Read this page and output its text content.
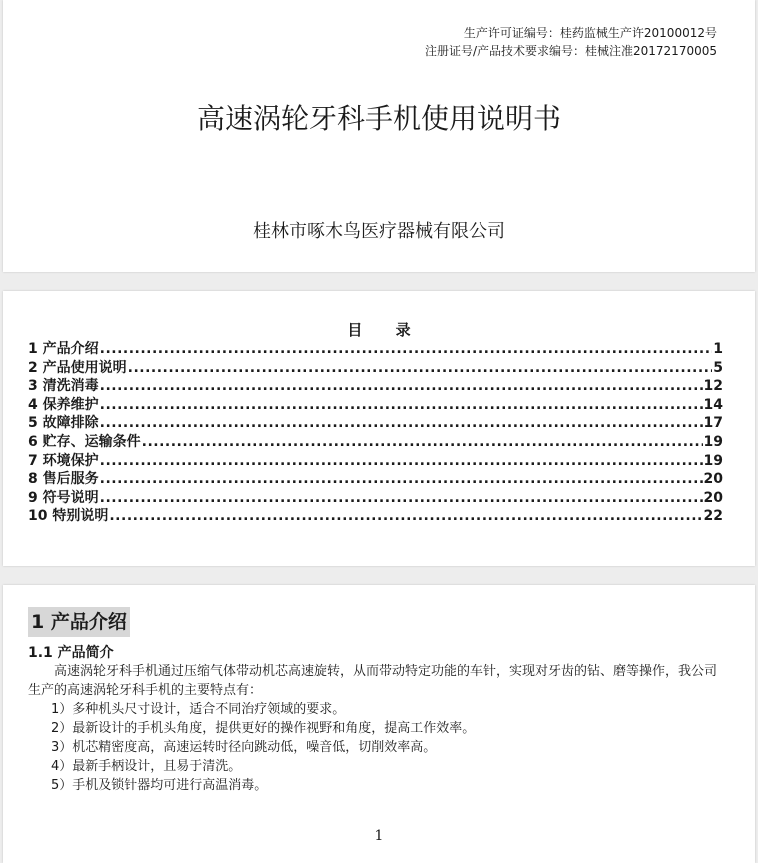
生产许可证编号：桂药监械生产许20100012号
注册证号/产品技术要求编号：桂械注准20172170005
高速涡轮牙科手机使用说明书
桂林市啄木鸟医疗器械有限公司
目 录
1 产品介绍 .....	1
2 产品使用说明 .....	5
3 清洗消毒 .....	12
4 保养维护 .....	14
5 故障排除 .....	17
6 贮存、运输条件 .....	19
7 环境保护 .....	19
8 售后服务 .....	20
9 符号说明 .....	20
10 特别说明 .....	22
1 产品介绍
1.1 产品简介

高速涡轮牙科手机通过压缩气体带动机芯高速旋转，从而带动特定功能的车针，实现对牙齿的钻、磨等操作，我公司生产的高速涡轮牙科手机的主要特点有：

1）多种机头尺寸设计，适合不同治疗领域的要求。
2）最新设计的手机头角度，提供更好的操作视野和角度，提高工作效率。
3）机芯精密度高，高速运转时径向跳动低，噪音低，切削效率高。
4）最新手柄设计，且易于清洗。
5）手机及锁针器均可进行高温消毒。
1
